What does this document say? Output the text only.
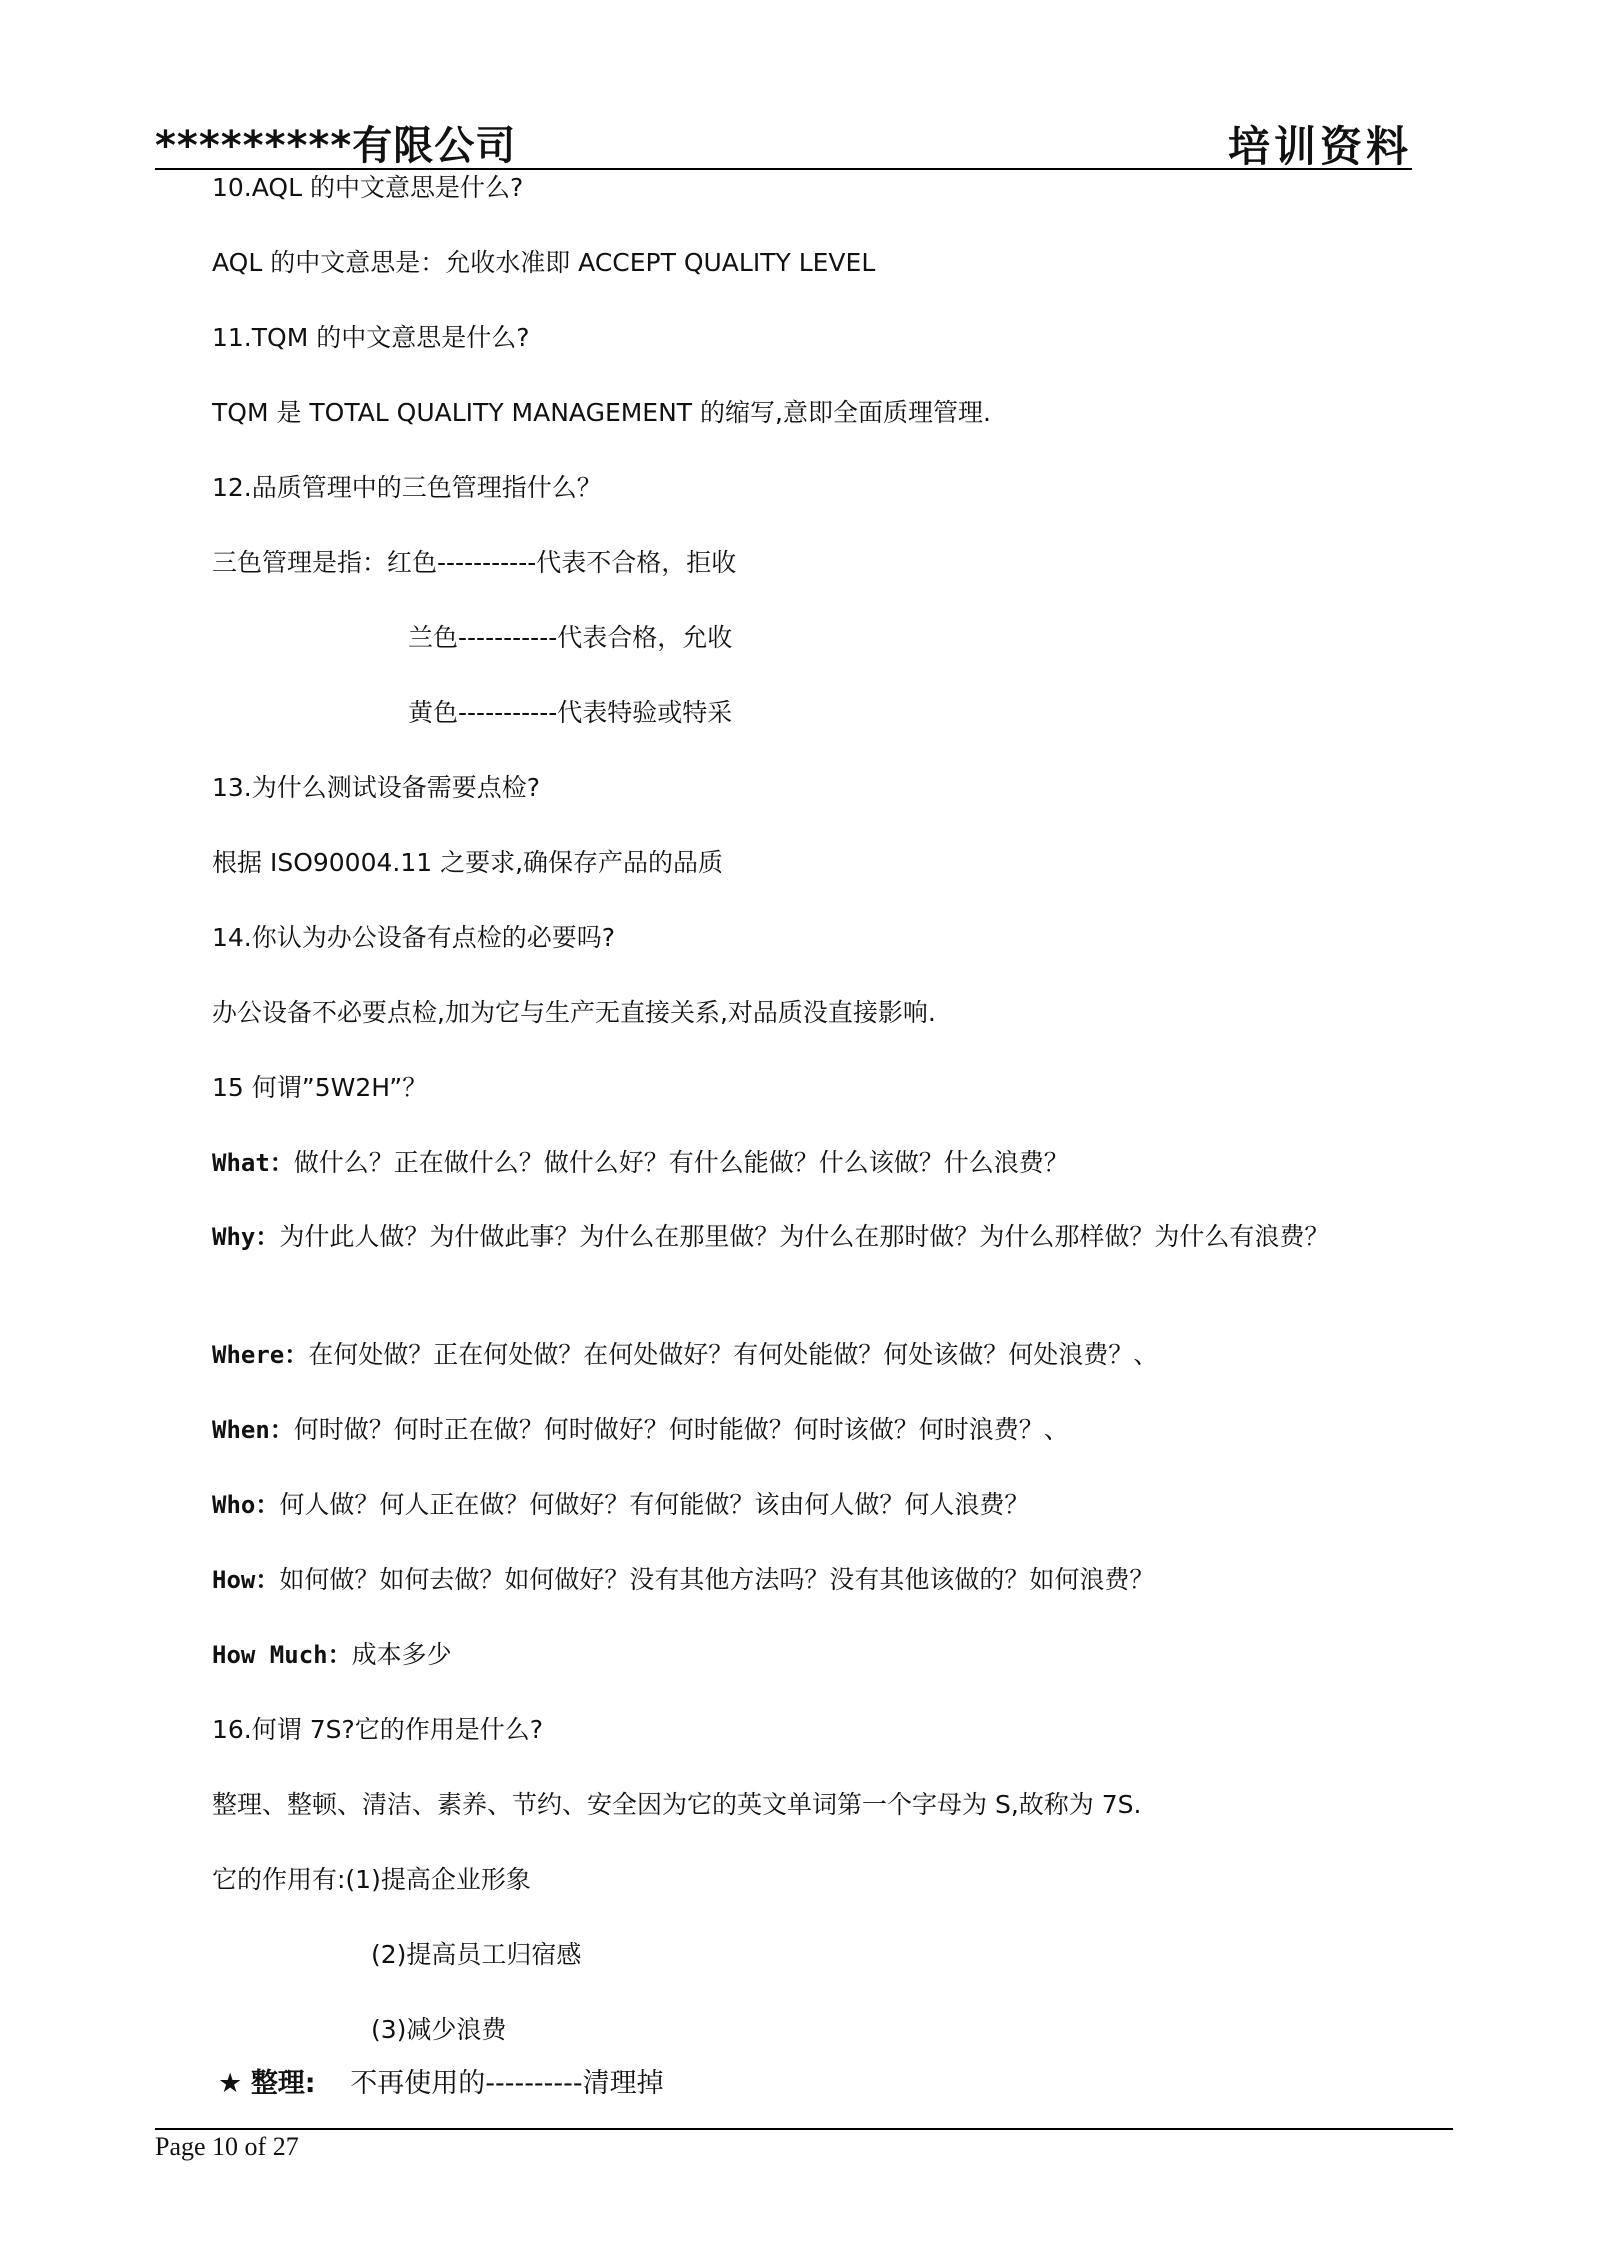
*********有限公司	培训资料
10.AQL 的中文意思是什么?
AQL 的中文意思是：允收水准即 ACCEPT QUALITY LEVEL
11.TQM 的中文意思是什么?
TQM 是 TOTAL QUALITY MANAGEMENT 的缩写,意即全面质理管理.
12.品质管理中的三色管理指什么？
三色管理是指：红色-----------代表不合格，拒收
兰色-----------代表合格，允收
黄色-----------代表特验或特采
13.为什么测试设备需要点检?
根据 ISO90004.11 之要求,确保存产品的品质
14.你认为办公设备有点检的必要吗?
办公设备不必要点检,加为它与生产无直接关系,对品质没直接影响.
15 何谓”5W2H”？
What：做什么？正在做什么？做什么好？有什么能做？什么该做？什么浪费？
Why：为什此人做？为什做此事？为什么在那里做？为什么在那时做？为什么那样做？为什么有浪费？
Where：在何处做？正在何处做？在何处做好？有何处能做？何处该做？何处浪费？、
When：何时做？何时正在做？何时做好？何时能做？何时该做？何时浪费？、
Who：何人做？何人正在做？何做好？有何能做？该由何人做？何人浪费？
How：如何做？如何去做？如何做好？没有其他方法吗？没有其他该做的？如何浪费？
How Much：成本多少
16.何谓 7S?它的作用是什么?
整理、整顿、清洁、素养、节约、安全因为它的英文单词第一个字母为 S,故称为 7S.
它的作用有:(1)提高企业形象
(2)提高员工归宿感
(3)减少浪费
★ 整理: 不再使用的----------清理掉
Page 10 of 27
